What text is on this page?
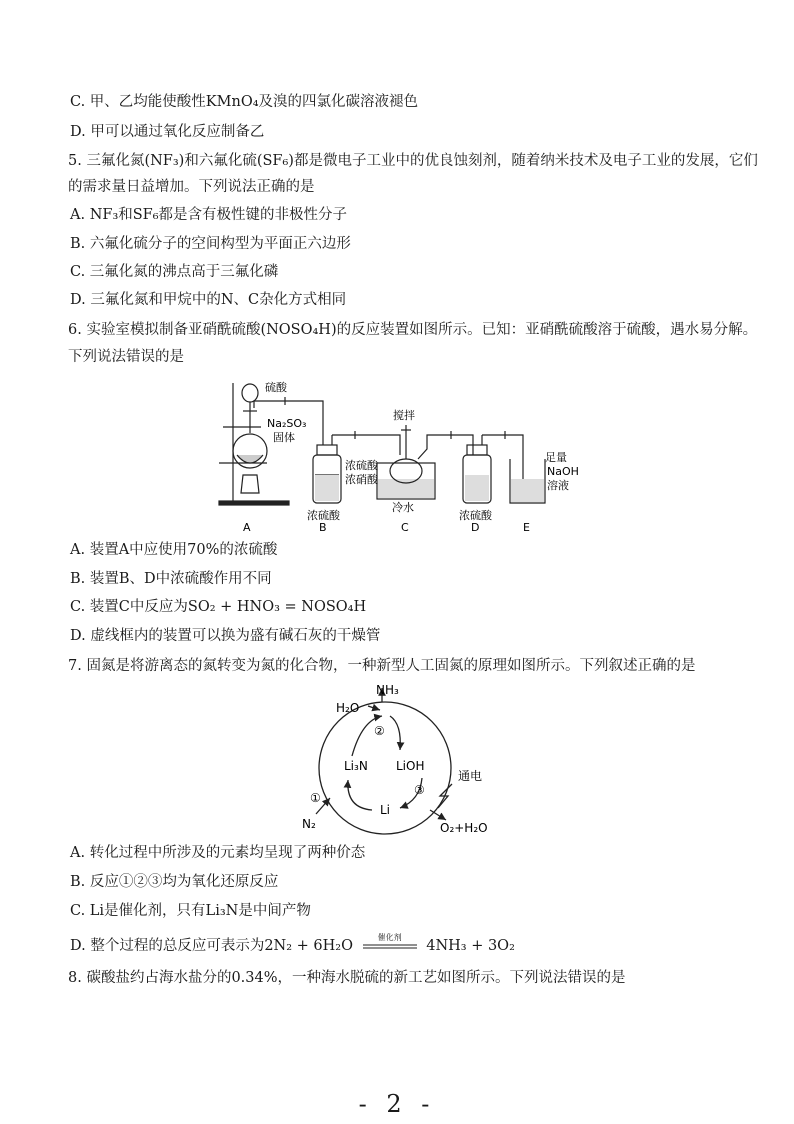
C. 甲、乙均能使酸性KMnO₄及溴的四氯化碳溶液褪色
D. 甲可以通过氧化反应制备乙
5. 三氟化氮(NF₃)和六氟化硫(SF₆)都是微电子工业中的优良蚀刻剂，随着纳米技术及电子工业的发展，它们
的需求量日益增加。下列说法正确的是
A. NF₃和SF₆都是含有极性键的非极性分子
B. 六氟化硫分子的空间构型为平面正六边形
C. 三氟化氮的沸点高于三氟化磷
D. 三氟化氮和甲烷中的N、C杂化方式相同
6. 实验室模拟制备亚硝酰硫酸(NOSO₄H)的反应装置如图所示。已知：亚硝酰硫酸溶于硫酸，遇水易分解。
下列说法错误的是
硫酸
Na₂SO₃
固体
搅拌
浓硫酸
浓硝酸
冷水
浓硫酸	浓硫酸
足量
NaOH
溶液
A	B	C	D	E
A. 装置A中应使用70%的浓硫酸
B. 装置B、D中浓硫酸作用不同
C. 装置C中反应为SO₂ + HNO₃ = NOSO₄H
D. 虚线框内的装置可以换为盛有碱石灰的干燥管
7. 固氮是将游离态的氮转变为氮的化合物，一种新型人工固氮的原理如图所示。下列叙述正确的是
NH₃
H₂O
②
Li₃N LiOH
通电
③
Li
①
N₂	O₂+H₂O
A. 转化过程中所涉及的元素均呈现了两种价态
B. 反应①②③均为氧化还原反应
C. Li是催化剂，只有Li₃N是中间产物
D. 整个过程的总反应可表示为2N₂ + 6H₂O
催化剂
4NH₃ + 3O₂
8. 碳酸盐约占海水盐分的0.34%，一种海水脱硫的新工艺如图所示。下列说法错误的是
- 2 -
